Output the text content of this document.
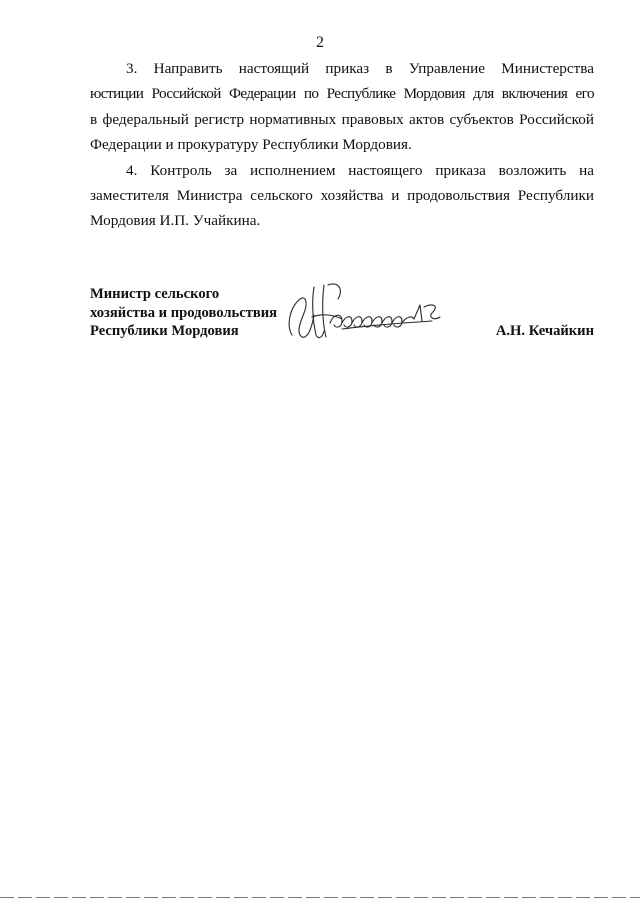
2
3. Направить настоящий приказ в Управление Министерства
юстиции Российской Федерации по Республике Мордовия для включения его
в федеральный регистр нормативных правовых актов субъектов Российской
Федерации и прокуратуру Республики Мордовия.
4. Контроль за исполнением настоящего приказа возложить на
заместителя Министра сельского хозяйства и продовольствия Республики
Мордовия И.П. Учайкина.
Министр сельского
хозяйства и продовольствия
Республики Мордовия	А.Н. Кечайкин
